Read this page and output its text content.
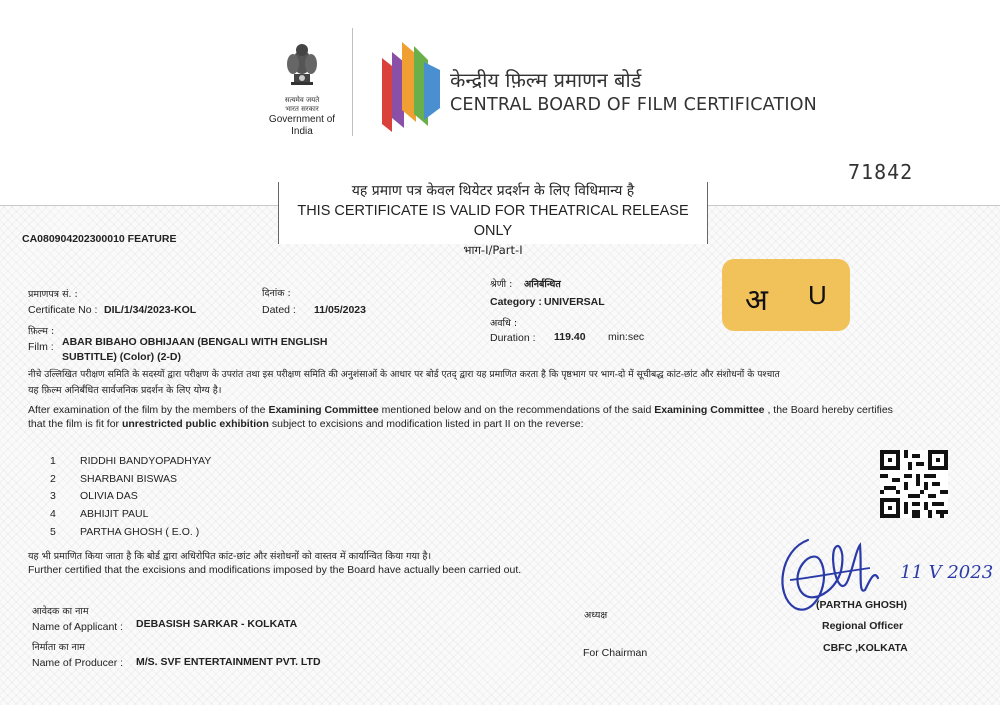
सत्यमेव जयते
भारत सरकार
Government of India
केन्द्रीय फ़िल्म प्रमाणन बोर्ड
CENTRAL BOARD OF FILM CERTIFICATION
71842
यह प्रमाण पत्र केवल थियेटर प्रदर्शन के लिए विधिमान्य है
THIS CERTIFICATE IS VALID FOR THEATRICAL RELEASE ONLY
भाग-I/Part-I
CA080904202300010 FEATURE
प्रमाणपत्र सं. :
Certificate No : DIL/1/34/2023-KOL
दिनांक :
Dated : 11/05/2023
श्रेणी : अनिर्बन्धित
Category : UNIVERSAL
अवधि :
Duration : 119.40 min:sec
अ U
फ़िल्म :
Film : ABAR BIBAHO OBHIJAAN (BENGALI WITH ENGLISH
SUBTITLE) (Color) (2-D)
नीचे उल्लिखित परीक्षण समिति के सदस्यों द्वारा परीक्षण के उपरांत तथा इस परीक्षण समिति की अनुशंसाओं के आधार पर बोर्ड एतद् द्वारा यह प्रमाणित करता है कि पृष्ठभाग पर भाग-दो में सूचीबद्ध कांट-छांट और संशोधनों के पश्चात
यह फ़िल्म अनिर्बंधित सार्वजनिक प्रदर्शन के लिए योग्य है।
After examination of the film by the members of the Examining Committee mentioned below and on the recommendations of the said Examining Committee , the Board hereby certifies
that the film is fit for unrestricted public exhibition subject to excisions and modification listed in part II on the reverse:
1 RIDDHI BANDYOPADHYAY
2 SHARBANI BISWAS
3 OLIVIA DAS
4 ABHIJIT PAUL
5 PARTHA GHOSH ( E.O. )
यह भी प्रमाणित किया जाता है कि बोर्ड द्वारा अधिरोपित कांट-छांट और संशोधनों को वास्तव में कार्यान्वित किया गया है।
Further certified that the excisions and modifications imposed by the Board have actually been carried out.
आवेदक का नाम
Name of Applicant : DEBASISH SARKAR - KOLKATA
निर्माता का नाम
Name of Producer : M/S. SVF ENTERTAINMENT PVT. LTD
अध्यक्ष
For Chairman
11 V 2023
(PARTHA GHOSH)
Regional Officer
CBFC ,KOLKATA
